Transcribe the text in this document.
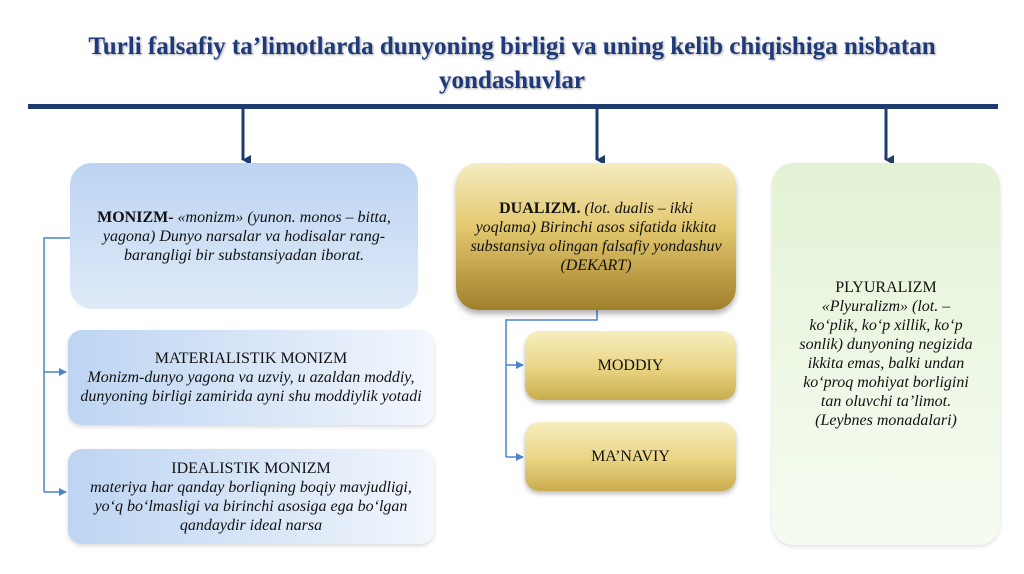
Turli falsafiy ta’limotlarda dunyoning birligi va uning kelib chiqishiga nisbatan yondashuvlar
MONIZM- «monizm» (yunon. monos – bitta, yagona) Dunyo narsalar va hodisalar rang-barangligi bir substansiyadan iborat.
MATERIALISTIK MONIZM
Monizm-dunyo yagona va uzviy, u azaldan moddiy, dunyoning birligi zamirida ayni shu moddiylik yotadi
IDEALISTIK MONIZM
materiya har qanday borliqning boqiy mavjudligi, yo‘q bo‘lmasligi va birinchi asosiga ega bo‘lgan qandaydir ideal narsa
DUALIZM. (lot. dualis – ikki yoqlama) Birinchi asos sifatida ikkita substansiya olingan falsafiy yondashuv (DEKART)
MODDIY
MA’NAVIY
PLYURALIZM
«Plyuralizm» (lot. – ko‘plik, ko‘p xillik, ko‘p sonlik) dunyoning negizida ikkita emas, balki undan ko‘proq mohiyat borligini tan oluvchi ta’limot.(Leybnes monadalari)
